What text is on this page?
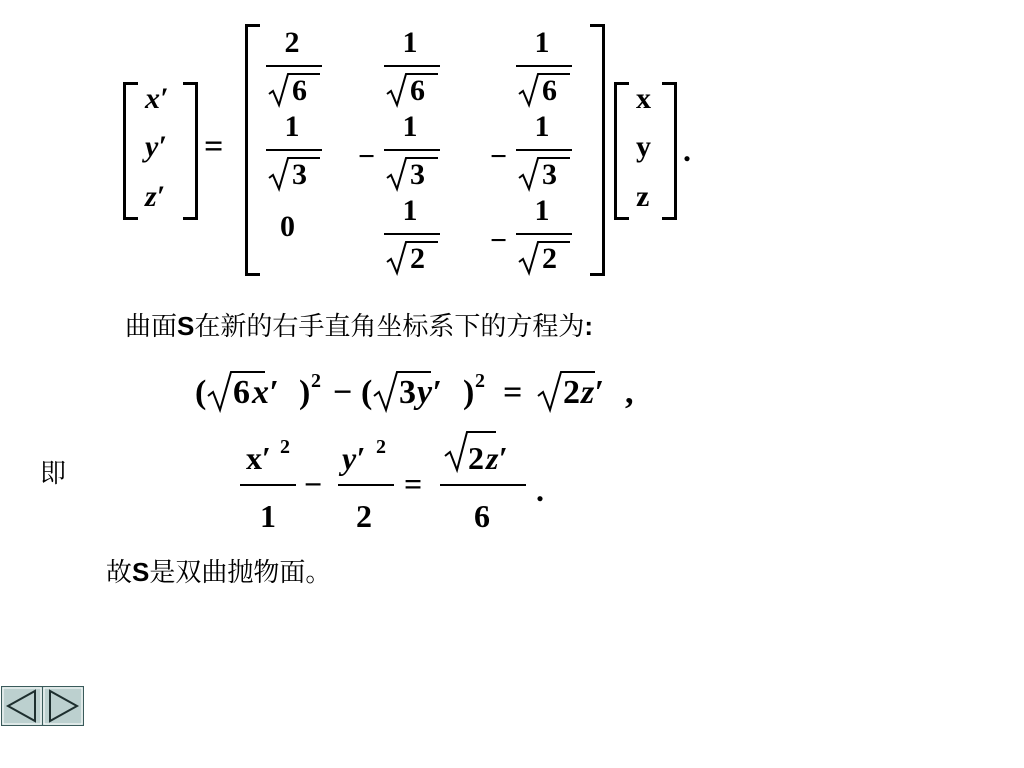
x′
y′
z′
=
2
6
1
6
1
6
1
3
−
1
3
−
1
3
0	1
2
−
1
2
x
y
z
.
曲面S在新的右手直角坐标系下的方程为:
( 6 x′ ) 2 − ( 3 y′ ) 2 = 2 z′ ,
即	x′ 2
1
−
y′ 2
2
=
2 z′
6
.
故S是双曲抛物面。
